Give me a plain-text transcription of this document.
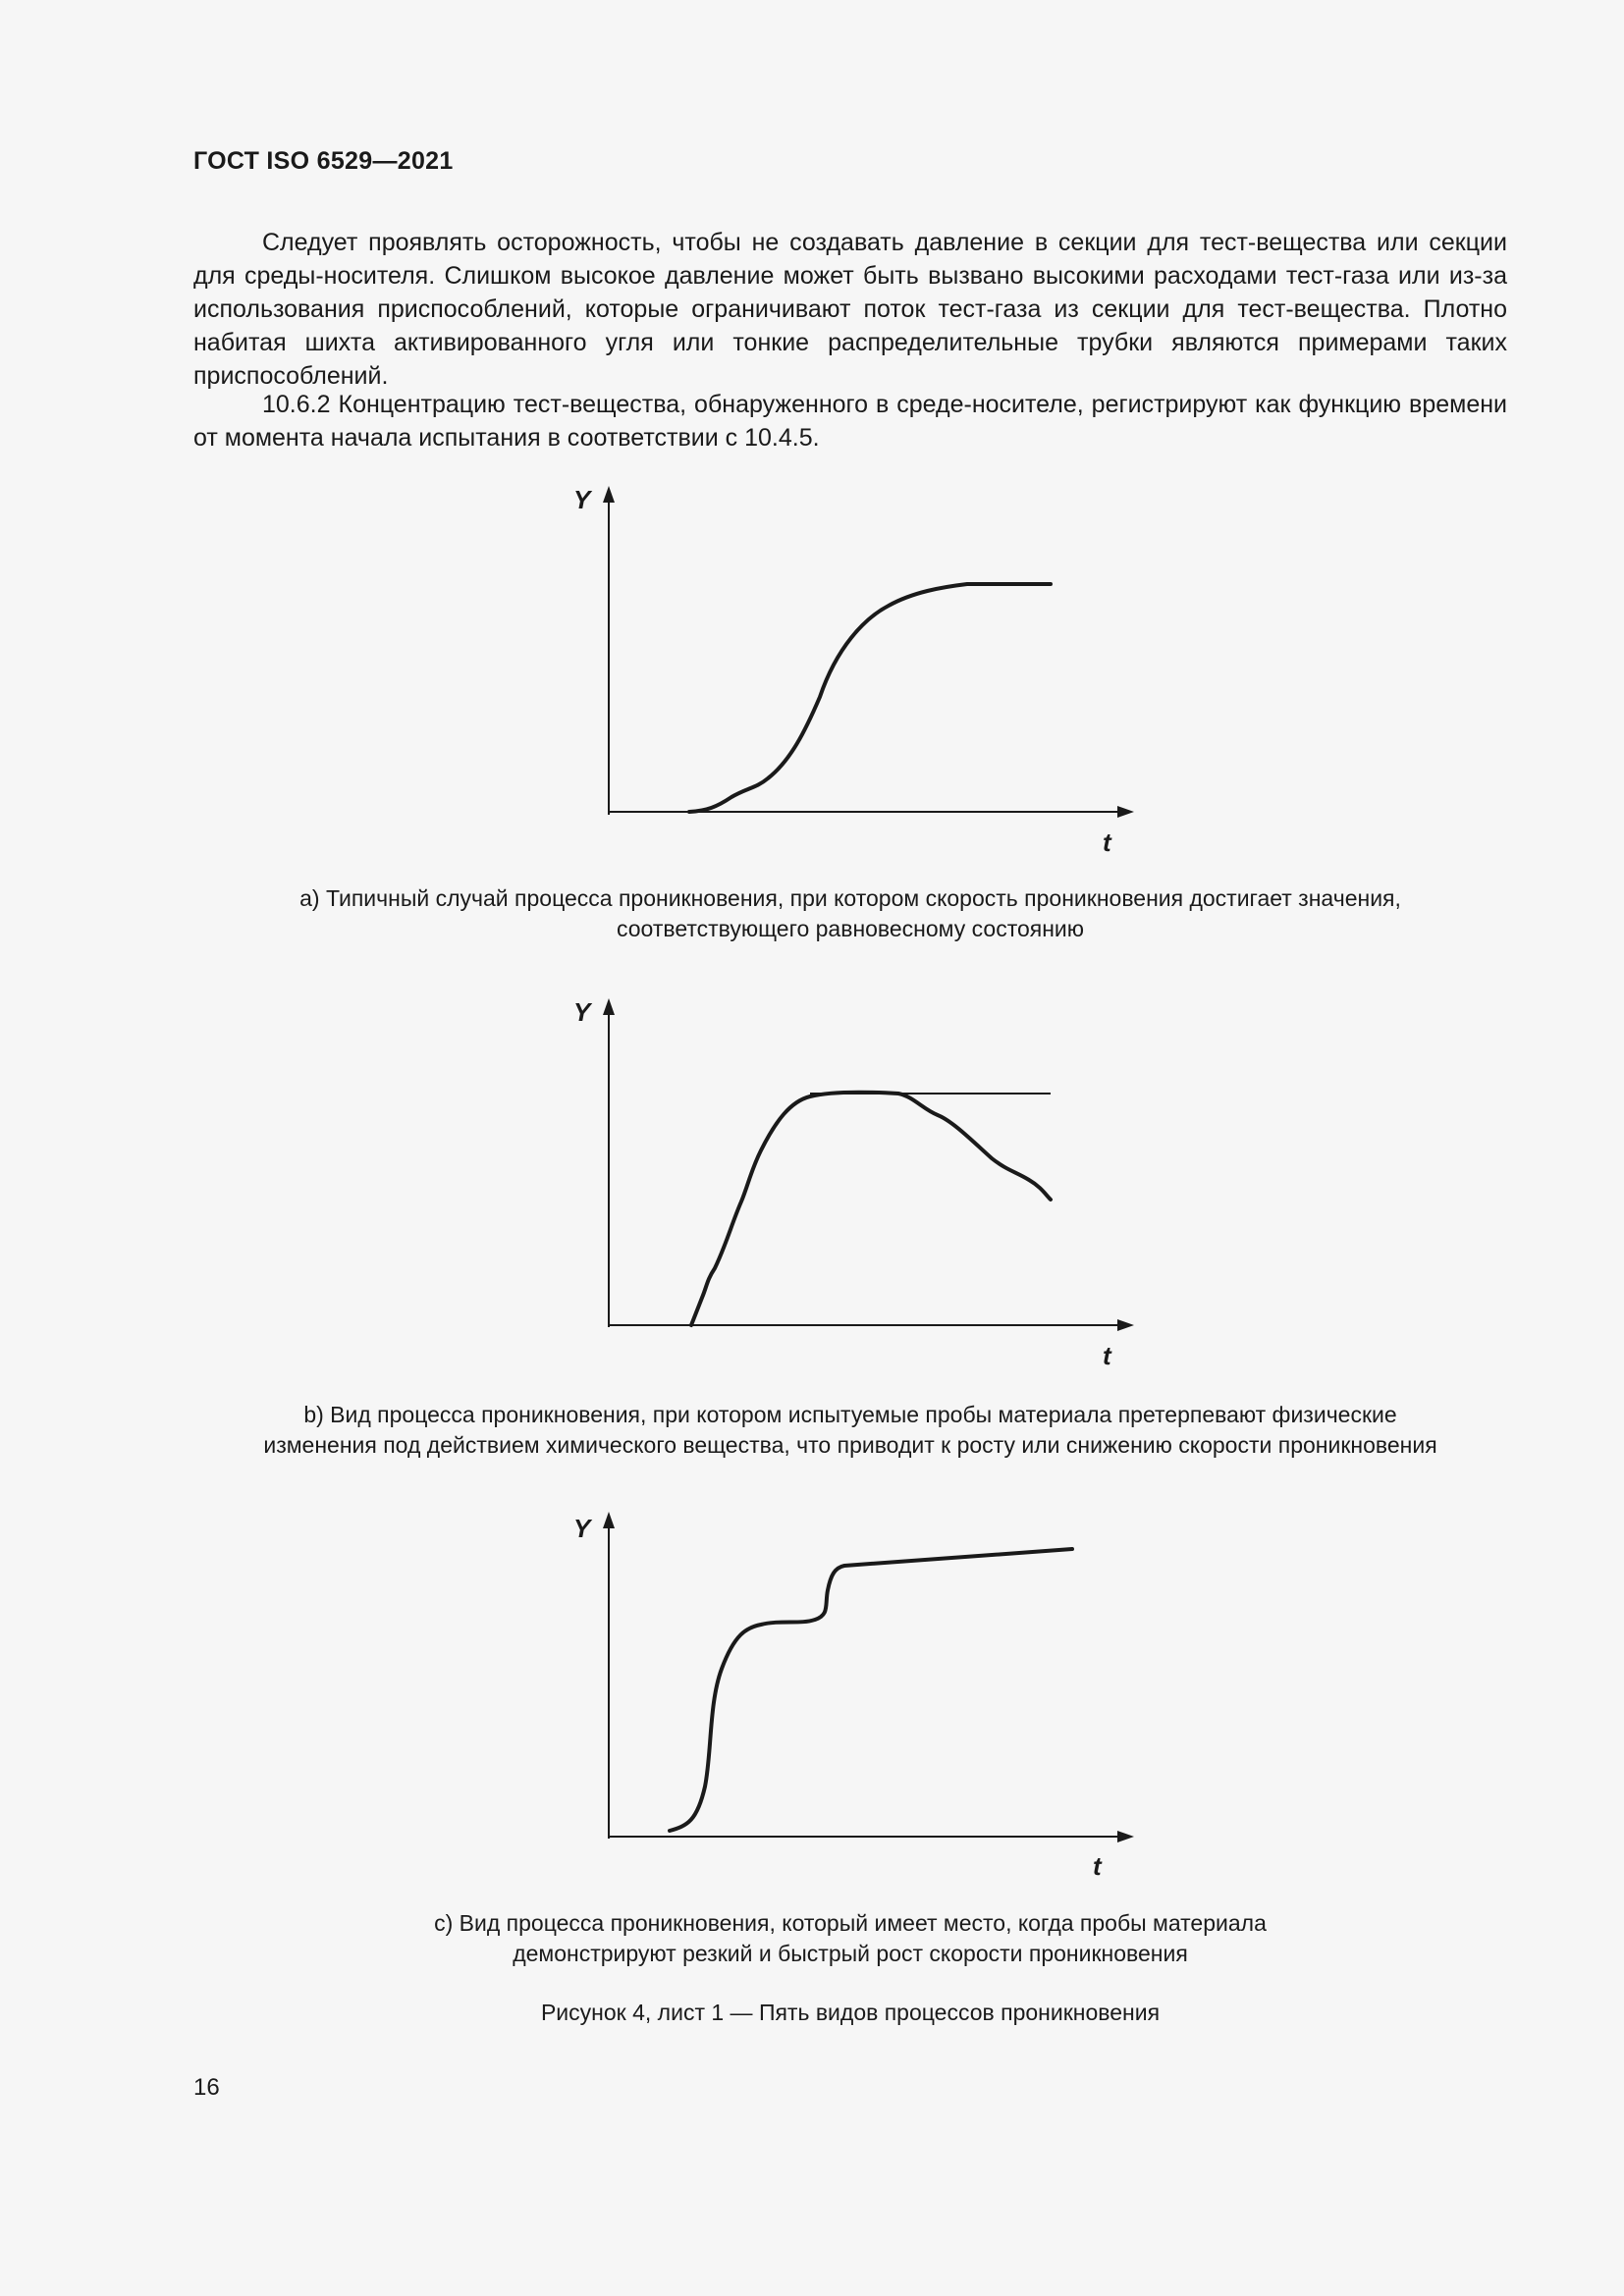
ГОСТ ISO 6529—2021
Следует проявлять осторожность, чтобы не создавать давление в секции для тест-вещества или секции для среды-носителя. Слишком высокое давление может быть вызвано высокими расходами тест-газа или из-за использования приспособлений, которые ограничивают поток тест-газа из секции для тест-вещества. Плотно набитая шихта активированного угля или тонкие распределительные трубки являются примерами таких приспособлений.
10.6.2 Концентрацию тест-вещества, обнаруженного в среде-носителе, регистрируют как функцию времени от момента начала испытания в соответствии с 10.4.5.
Y
t
a) Типичный случай процесса проникновения, при котором скорость проникновения достигает значения,
соответствующего равновесному состоянию
Y
t
b) Вид процесса проникновения, при котором испытуемые пробы материала претерпевают физические
изменения под действием химического вещества, что приводит к росту или снижению скорости проникновения
Y
t
c) Вид процесса проникновения, который имеет место, когда пробы материала
демонстрируют резкий и быстрый рост скорости проникновения
Рисунок 4, лист 1 — Пять видов процессов проникновения
16
